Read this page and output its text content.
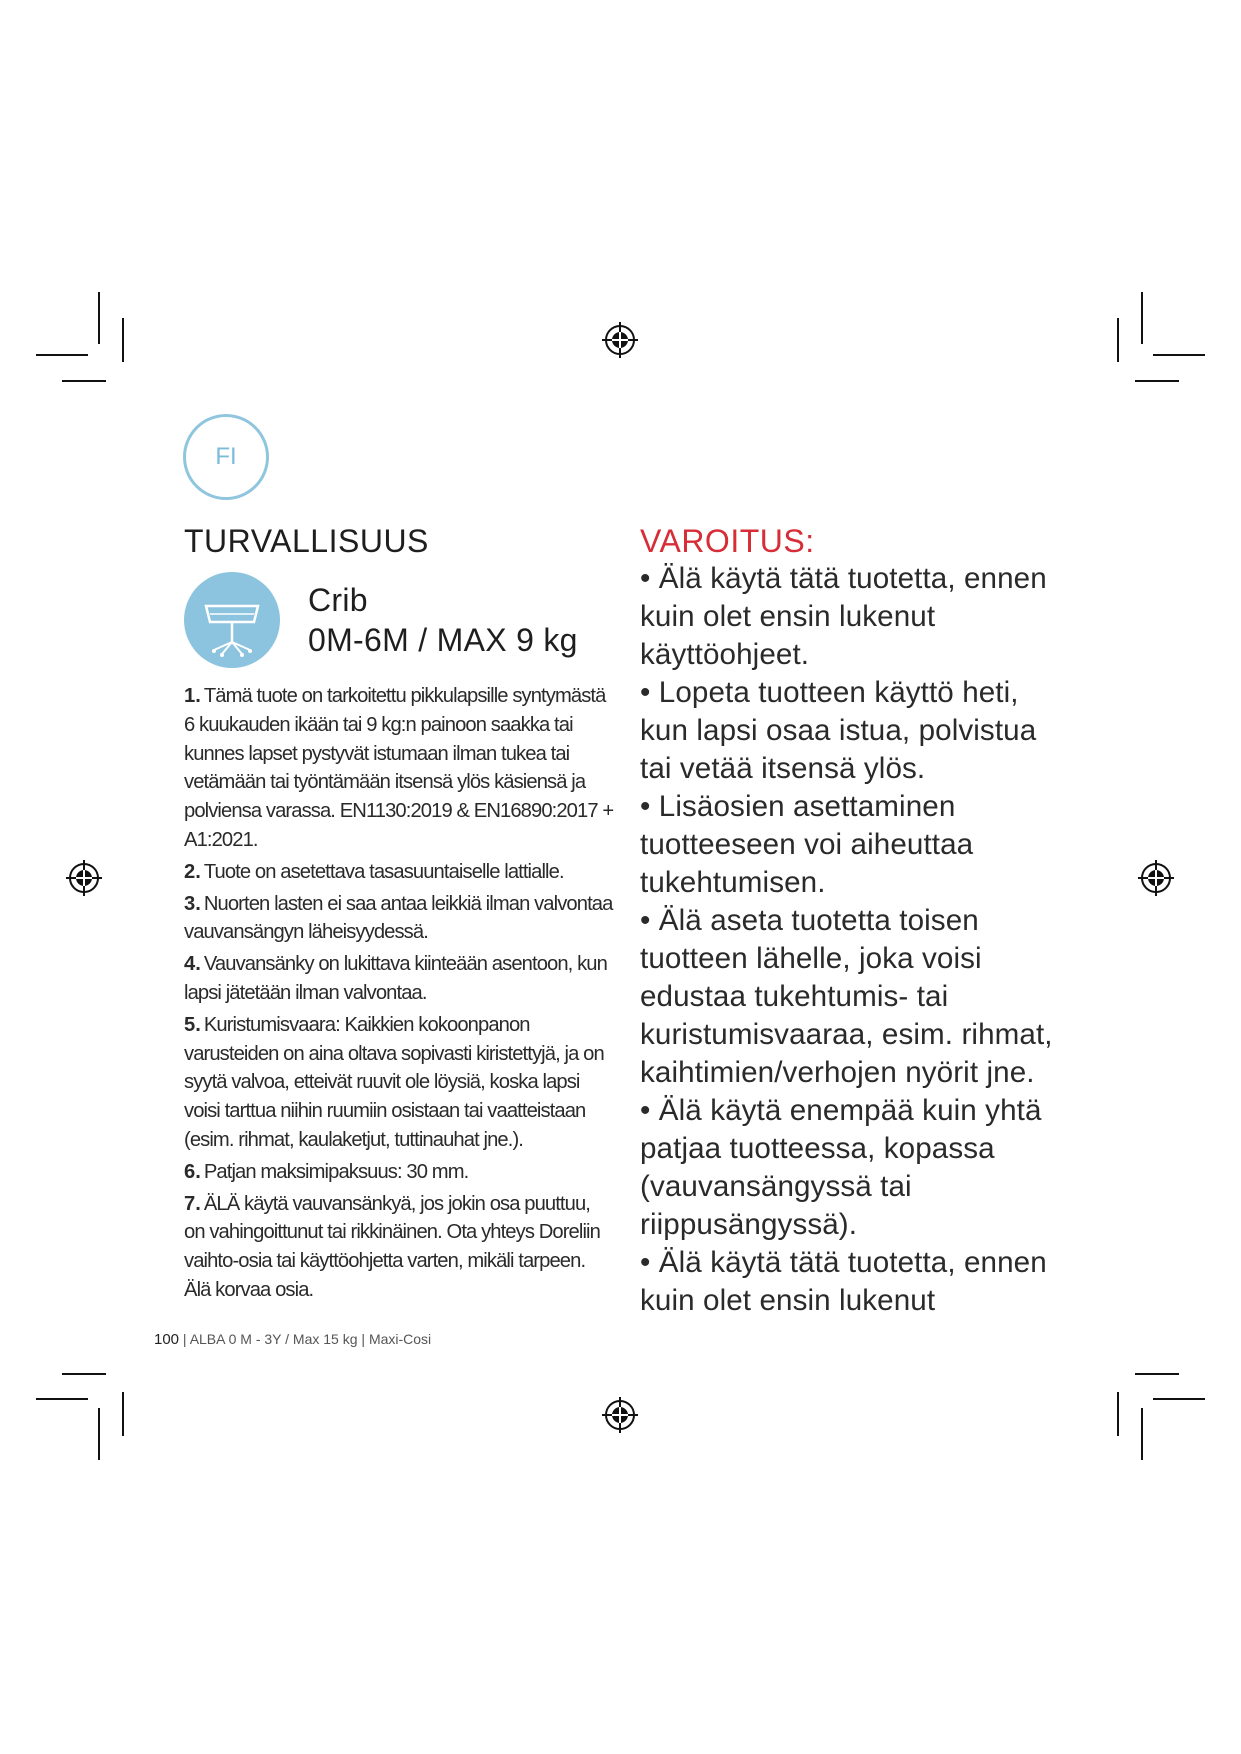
FI
TURVALLISUUS
Crib
0M-6M / MAX 9 kg

1. Tämä tuote on tarkoitettu pikkulapsille syntymästä 6 kuukauden ikään tai 9 kg:n painoon saakka tai kunnes lapset pystyvät istumaan ilman tukea tai vetämään tai työntämään itsensä ylös käsiensä ja polviensa varassa. EN1130:2019 & EN16890:2017 + A1:2021.

2. Tuote on asetettava tasasuuntaiselle lattialle.

3. Nuorten lasten ei saa antaa leikkiä ilman valvontaa vauvansängyn läheisyydessä.

4. Vauvansänky on lukittava kiinteään asentoon, kun lapsi jätetään ilman valvontaa.

5. Kuristumisvaara: Kaikkien kokoonpanon varusteiden on aina oltava sopivasti kiristettyjä, ja on syytä valvoa, etteivät ruuvit ole löysiä, koska lapsi voisi tarttua niihin ruumiin osistaan tai vaatteistaan (esim. rihmat, kaulaketjut, tuttinauhat jne.).

6. Patjan maksimipaksuus: 30 mm.

7. ÄLÄ käytä vauvansänkyä, jos jokin osa puuttuu, on vahingoittunut tai rikkinäinen. Ota yhteys Doreliin vaihto-osia tai käyttöohjetta varten, mikäli tarpeen. Älä korvaa osia.

VAROITUS:

• Älä käytä tätä tuotetta, ennen kuin olet ensin lukenut käyttöohjeet.

• Lopeta tuotteen käyttö heti, kun lapsi osaa istua, polvistua tai vetää itsensä ylös.

• Lisäosien asettaminen tuotteeseen voi aiheuttaa tukehtumisen.

• Älä aseta tuotetta toisen tuotteen lähelle, joka voisi edustaa tukehtumis- tai kuristumisvaaraa, esim. rihmat, kaihtimien/verhojen nyörit jne.

• Älä käytä enempää kuin yhtä patjaa tuotteessa, kopassa (vauvansängyssä tai riippusängyssä).

• Älä käytä tätä tuotetta, ennen kuin olet ensin lukenut

100 | ALBA 0 M - 3Y / Max 15 kg | Maxi-Cosi
